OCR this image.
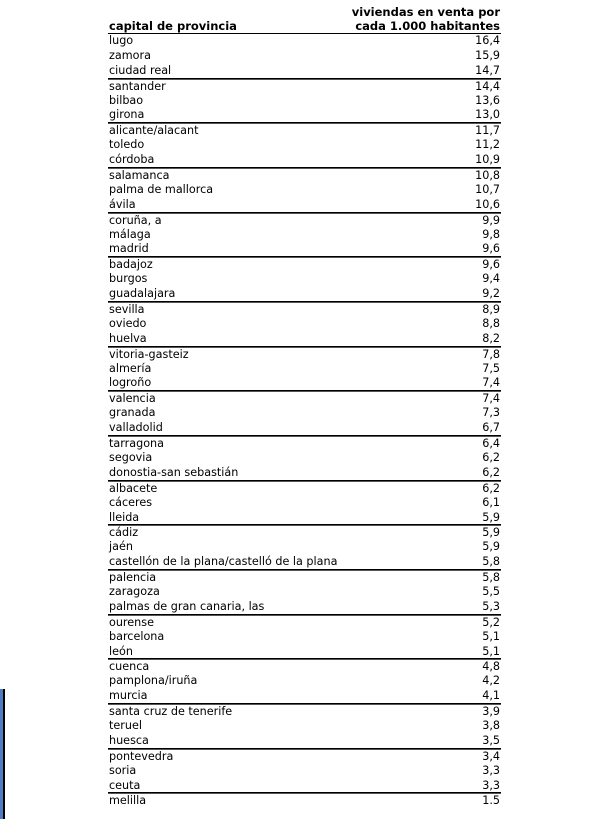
capital de provincia
viviendas en venta por
cada 1.000 habitantes
lugo	16,4
zamora	15,9
ciudad real	14,7
santander	14,4
bilbao	13,6
girona	13,0
alicante/alacant	11,7
toledo	11,2
córdoba	10,9
salamanca	10,8
palma de mallorca	10,7
ávila	10,6
coruña, a	9,9
málaga	9,8
madrid	9,6
badajoz	9,6
burgos	9,4
guadalajara	9,2
sevilla	8,9
oviedo	8,8
huelva	8,2
vitoria-gasteiz	7,8
almería	7,5
logroño	7,4
valencia	7,4
granada	7,3
valladolid	6,7
tarragona	6,4
segovia	6,2
donostia-san sebastián	6,2
albacete	6,2
cáceres	6,1
lleida	5,9
cádiz	5,9
jaén	5,9
castellón de la plana/castelló de la plana	5,8
palencia	5,8
zaragoza	5,5
palmas de gran canaria, las	5,3
ourense	5,2
barcelona	5,1
león	5,1
cuenca	4,8
pamplona/iruña	4,2
murcia	4,1
santa cruz de tenerife	3,9
teruel	3,8
huesca	3,5
pontevedra	3,4
soria	3,3
ceuta	3,3
melilla	1.5
